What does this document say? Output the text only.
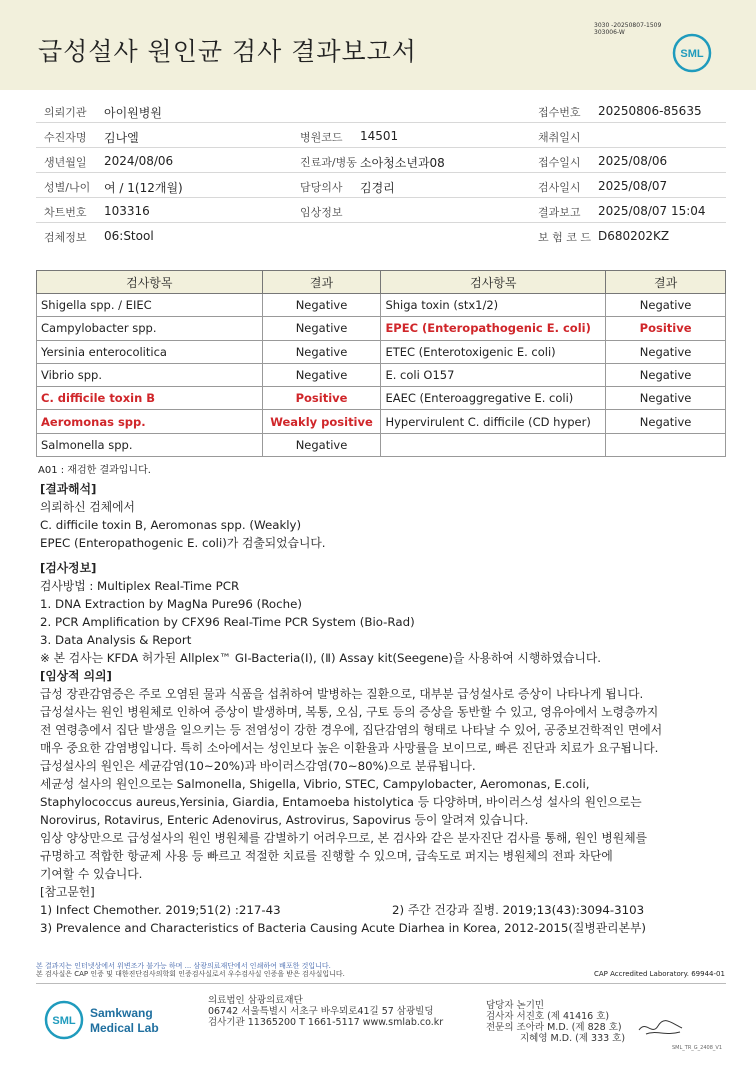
급성설사 원인균 검사 결과보고서
3030 -20250807-1509
303006-W
SML
의뢰기관 아이원병원	접수번호 20250806-85635
수진자명 김나엘	병원코드 14501	채취일시
생년월일 2024/08/06	진료과/병동 소아청소년과08	접수일시 2025/08/06
성별/나이 여 / 1(12개월)	담당의사 김경리	검사일시 2025/08/07
차트번호 103316	임상정보	결과보고 2025/08/07 15:04
검체정보 06:Stool	보 험 코 드 D680202KZ
검사항목	결과	검사항목	결과
Shigella spp. / EIEC	Negative	Shiga toxin (stx1/2)	Negative
Campylobacter spp.	Negative	EPEC (Enteropathogenic E. coli)	Positive
Yersinia enterocolitica	Negative	ETEC (Enterotoxigenic E. coli)	Negative
Vibrio spp.	Negative	E. coli O157	Negative
C. difficile toxin B	Positive	EAEC (Enteroaggregative E. coli)	Negative
Aeromonas spp.	Weakly positive	Hypervirulent C. difficile (CD hyper)	Negative
Salmonella spp.	Negative		
A01 : 재검한 결과입니다.
[결과해석]
의뢰하신 검체에서
C. difficile toxin B, Aeromonas spp. (Weakly)
EPEC (Enteropathogenic E. coli)가 검출되었습니다.
[검사정보]
검사방법 : Multiplex Real-Time PCR
1. DNA Extraction by MagNa Pure96 (Roche)
2. PCR Amplification by CFX96 Real-Time PCR System (Bio-Rad)
3. Data Analysis & Report
※ 본 검사는 KFDA 허가된 Allplex™ GI-Bacteria(Ⅰ), (Ⅱ) Assay kit(Seegene)을 사용하여 시행하였습니다.
[임상적 의의]
급성 장관감염증은 주로 오염된 물과 식품을 섭취하여 발병하는 질환으로, 대부분 급성설사로 증상이 나타나게 됩니다.
급성설사는 원인 병원체로 인하여 증상이 발생하며, 복통, 오심, 구토 등의 증상을 동반할 수 있고, 영유아에서 노령층까지
전 연령층에서 집단 발생을 일으키는 등 전염성이 강한 경우에, 집단감염의 형태로 나타날 수 있어, 공중보건학적인 면에서
매우 중요한 감염병입니다. 특히 소아에서는 성인보다 높은 이환율과 사망률을 보이므로, 빠른 진단과 치료가 요구됩니다.
급성설사의 원인은 세균감염(10~20%)과 바이러스감염(70~80%)으로 분류됩니다.
세균성 설사의 원인으로는 Salmonella, Shigella, Vibrio, STEC, Campylobacter, Aeromonas, E.coli,
Staphylococcus aureus,Yersinia, Giardia, Entamoeba histolytica 등 다양하며, 바이러스성 설사의 원인으로는
Norovirus, Rotavirus, Enteric Adenovirus, Astrovirus, Sapovirus 등이 알려져 있습니다.
임상 양상만으로 급성설사의 원인 병원체를 감별하기 어려우므로, 본 검사와 같은 분자진단 검사를 통해, 원인 병원체를
규명하고 적합한 항균제 사용 등 빠르고 적절한 치료를 진행할 수 있으며, 급속도로 퍼지는 병원체의 전파 차단에
기여할 수 있습니다.
[참고문헌]
1) Infect Chemother. 2019;51(2) :217-43	2) 주간 건강과 질병. 2019;13(43):3094-3103
3) Prevalence and Characteristics of Bacteria Causing Acute Diarhea in Korea, 2012-2015(질병관리본부)
본 결과지는 인터넷상에서 위변조가 불가능 하며 ... 삼광의료재단에서 인쇄하여 배포한 것입니다.
본 검사실은 CAP 인증 및 대한진단검사의학회 인증검사실로서 우수검사실 인증을 받은 검사실입니다.	CAP Accredited Laboratory. 69944-01
SML
Samkwang
Medical Lab
의료법인 삼광의료재단
06742 서울특별시 서초구 바우뫼로41길 57 삼광빌딩
검사기관 11365200 T 1661-5117 www.smlab.co.kr
담당자 논기민
검사자 서진호 (제 41416 호)
전문의 조아라 M.D. (제 828 호)
지혜영 M.D. (제 333 호)
SML_TR_G_2408_V1
